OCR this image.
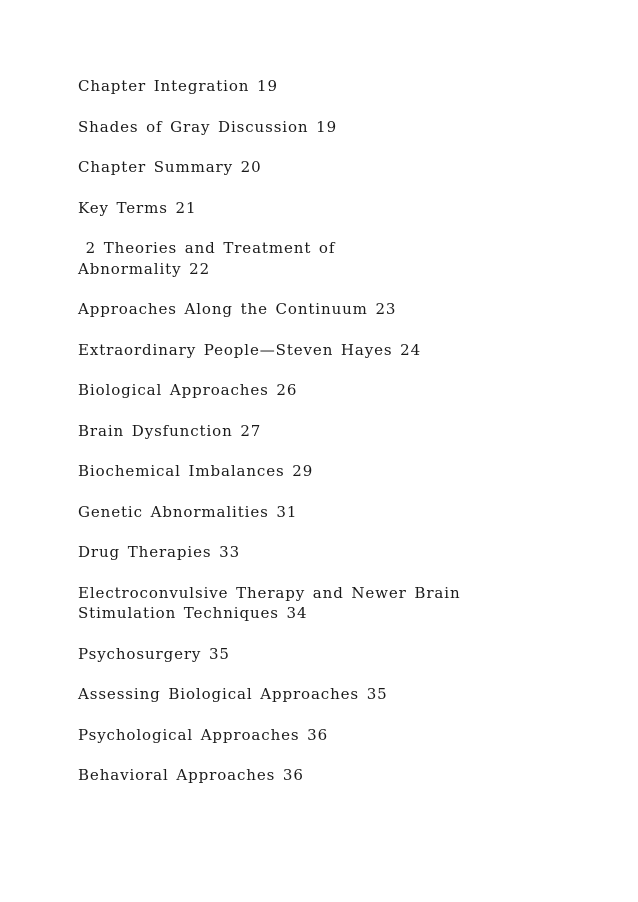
Chapter Integration 19
Shades of Gray Discussion 19
Chapter Summary 20
Key Terms 21
2 Theories and Treatment of
Abnormality 22
Approaches Along the Continuum 23
Extraordinary People—Steven Hayes 24
Biological Approaches 26
Brain Dysfunction 27
Biochemical Imbalances 29
Genetic Abnormalities 31
Drug Therapies 33
Electroconvulsive Therapy and Newer Brain
Stimulation Techniques 34
Psychosurgery 35
Assessing Biological Approaches 35
Psychological Approaches 36
Behavioral Approaches 36
